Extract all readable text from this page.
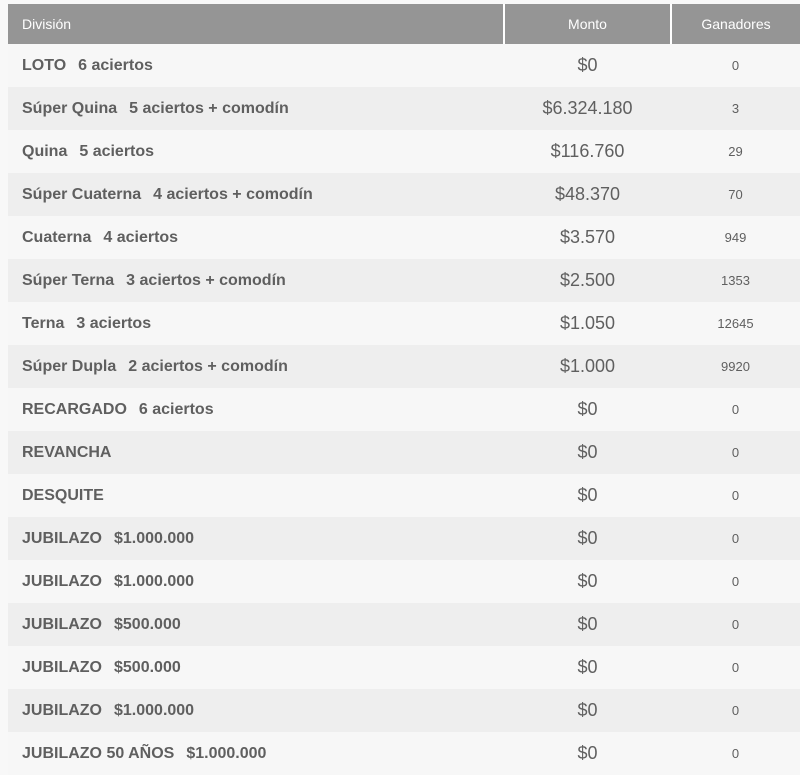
División	Monto	Ganadores
LOTO 6 aciertos	$0	0
Súper Quina 5 aciertos + comodín	$6.324.180	3
Quina 5 aciertos	$116.760	29
Súper Cuaterna 4 aciertos + comodín	$48.370	70
Cuaterna 4 aciertos	$3.570	949
Súper Terna 3 aciertos + comodín	$2.500	1353
Terna 3 aciertos	$1.050	12645
Súper Dupla 2 aciertos + comodín	$1.000	9920
RECARGADO 6 aciertos	$0	0
REVANCHA	$0	0
DESQUITE	$0	0
JUBILAZO $1.000.000	$0	0
JUBILAZO $1.000.000	$0	0
JUBILAZO $500.000	$0	0
JUBILAZO $500.000	$0	0
JUBILAZO $1.000.000	$0	0
JUBILAZO 50 AÑOS $1.000.000	$0	0
